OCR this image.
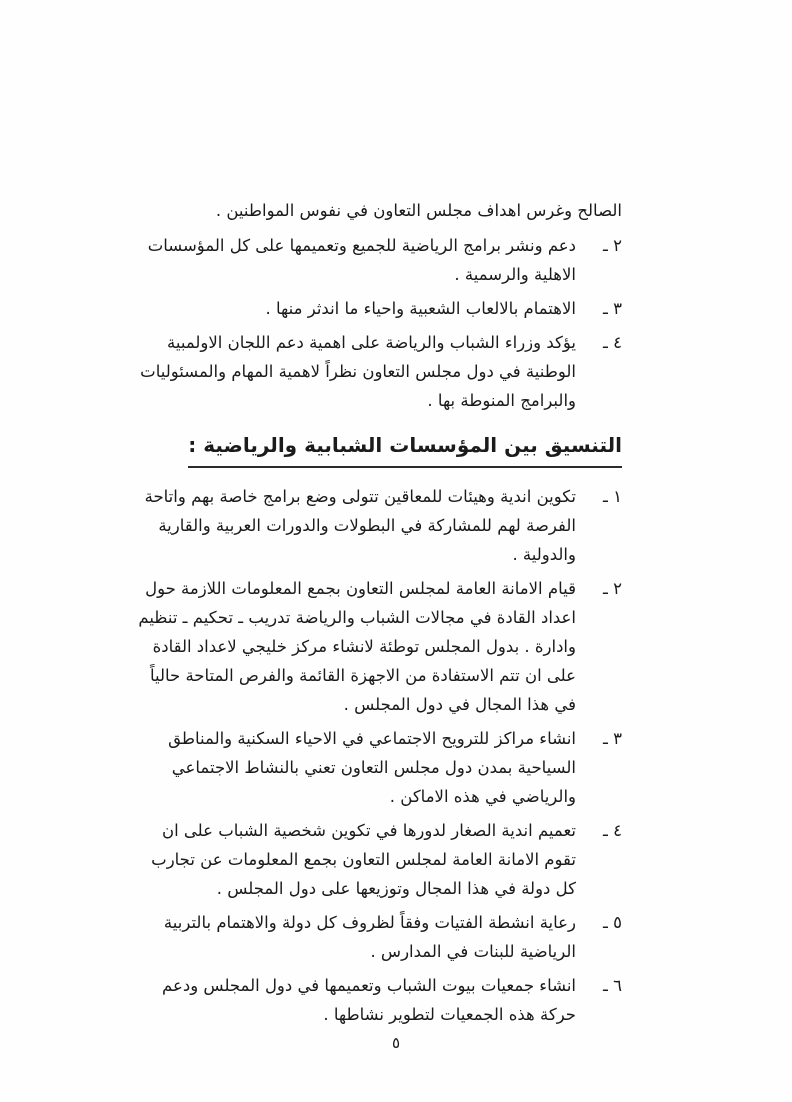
الصالح وغرس اهداف مجلس التعاون في نفوس المواطنين .

٢ ـ
دعم ونشر برامج الرياضية للجميع وتعميمها على كل المؤسسات الاهلية والرسمية .
٣ ـ
الاهتمام بالالعاب الشعبية واحياء ما اندثر منها .
٤ ـ
يؤكد وزراء الشباب والرياضة على اهمية دعم اللجان الاولمبية الوطنية في دول مجلس التعاون نظراً لاهمية المهام والمسئوليات والبرامج المنوطة بها .
التنسيق بين المؤسسات الشبابية والرياضية :
١ ـ
تكوين اندية وهيئات للمعاقين تتولى وضع برامج خاصة بهم واتاحة الفرصة لهم للمشاركة في البطولات والدورات العربية والقارية والدولية .
٢ ـ
قيام الامانة العامة لمجلس التعاون بجمع المعلومات اللازمة حول اعداد القادة في مجالات الشباب والرياضة تدريب ـ تحكيم ـ تنظيم وادارة . بدول المجلس توطئة لانشاء مركز خليجي لاعداد القادة على ان تتم الاستفادة من الاجهزة القائمة والفرص المتاحة حالياً في هذا المجال في دول المجلس .
٣ ـ
انشاء مراكز للترويح الاجتماعي في الاحياء السكنية والمناطق السياحية بمدن دول مجلس التعاون تعني بالنشاط الاجتماعي والرياضي في هذه الاماكن .
٤ ـ
تعميم اندية الصغار لدورها في تكوين شخصية الشباب على ان تقوم الامانة العامة لمجلس التعاون بجمع المعلومات عن تجارب كل دولة في هذا المجال وتوزيعها على دول المجلس .
٥ ـ
رعاية انشطة الفتيات وفقاً لظروف كل دولة والاهتمام بالتربية الرياضية للبنات في المدارس .
٦ ـ
انشاء جمعيات بيوت الشباب وتعميمها في دول المجلس ودعم حركة هذه الجمعيات لتطوير نشاطها .
٥
